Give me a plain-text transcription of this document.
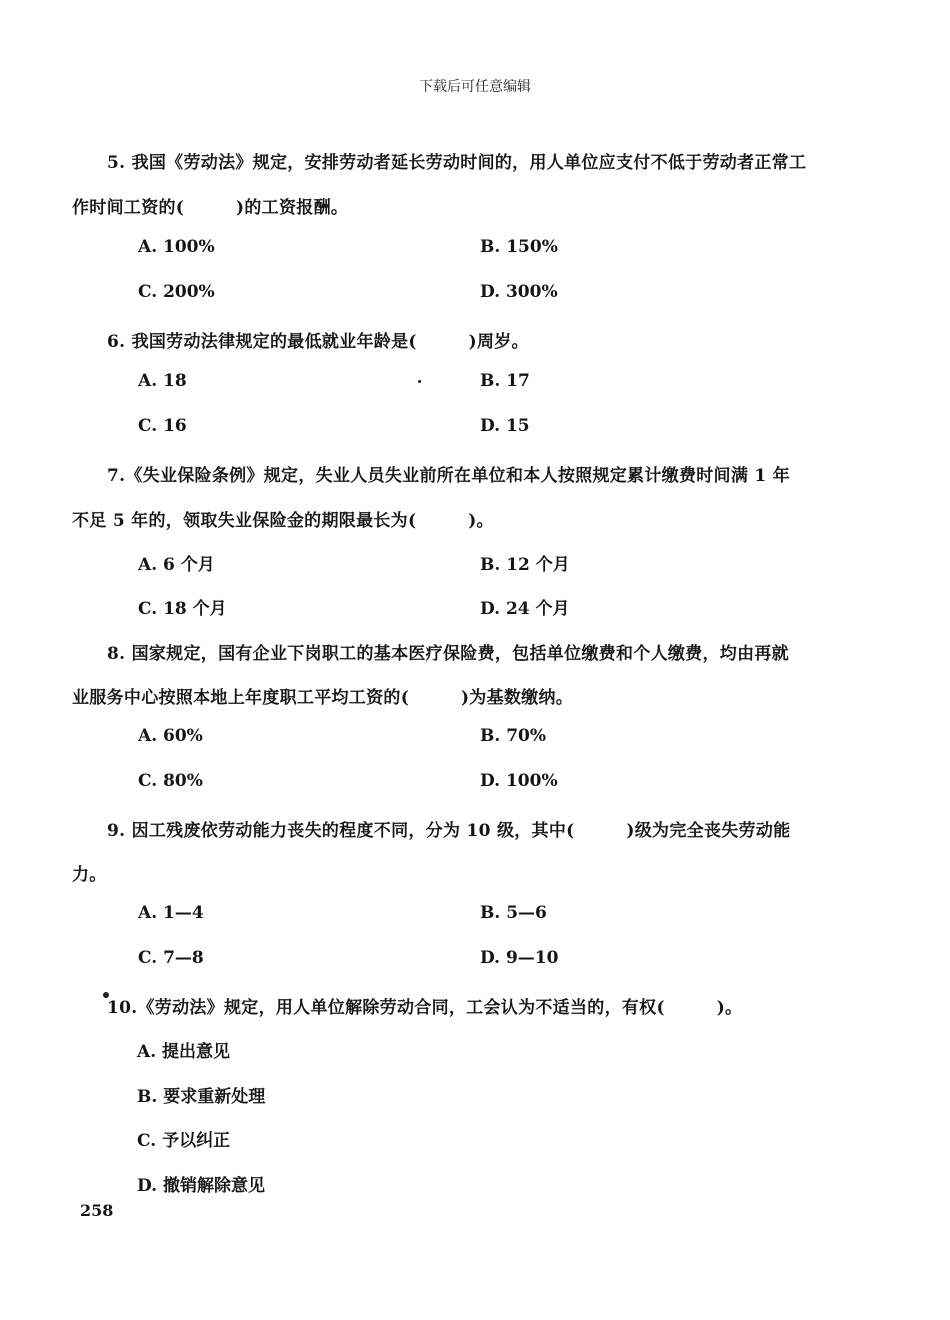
下载后可任意编辑
5. 我国《劳动法》规定，安排劳动者延长劳动时间的，用人单位应支付不低于劳动者正常工
作时间工资的(　　　)的工资报酬。
A. 100%	B. 150%
C. 200%	D. 300%
6. 我国劳动法律规定的最低就业年龄是(　　　)周岁。
A. 18	B. 17
C. 16	D. 15
7.《失业保险条例》规定，失业人员失业前所在单位和本人按照规定累计缴费时间满 1 年
不足 5 年的，领取失业保险金的期限最长为(　　　)。
A. 6 个月	B. 12 个月
C. 18 个月	D. 24 个月
8. 国家规定，国有企业下岗职工的基本医疗保险费，包括单位缴费和个人缴费，均由再就
业服务中心按照本地上年度职工平均工资的(　　　)为基数缴纳。
A. 60%	B. 70%
C. 80%	D. 100%
9. 因工残废依劳动能力丧失的程度不同，分为 10 级，其中(　　　)级为完全丧失劳动能
力。
A. 1—4	B. 5—6
C. 7—8	D. 9—10
10.《劳动法》规定，用人单位解除劳动合同，工会认为不适当的，有权(　　　)。
A. 提出意见
B. 要求重新处理
C. 予以纠正
D. 撤销解除意见
258
